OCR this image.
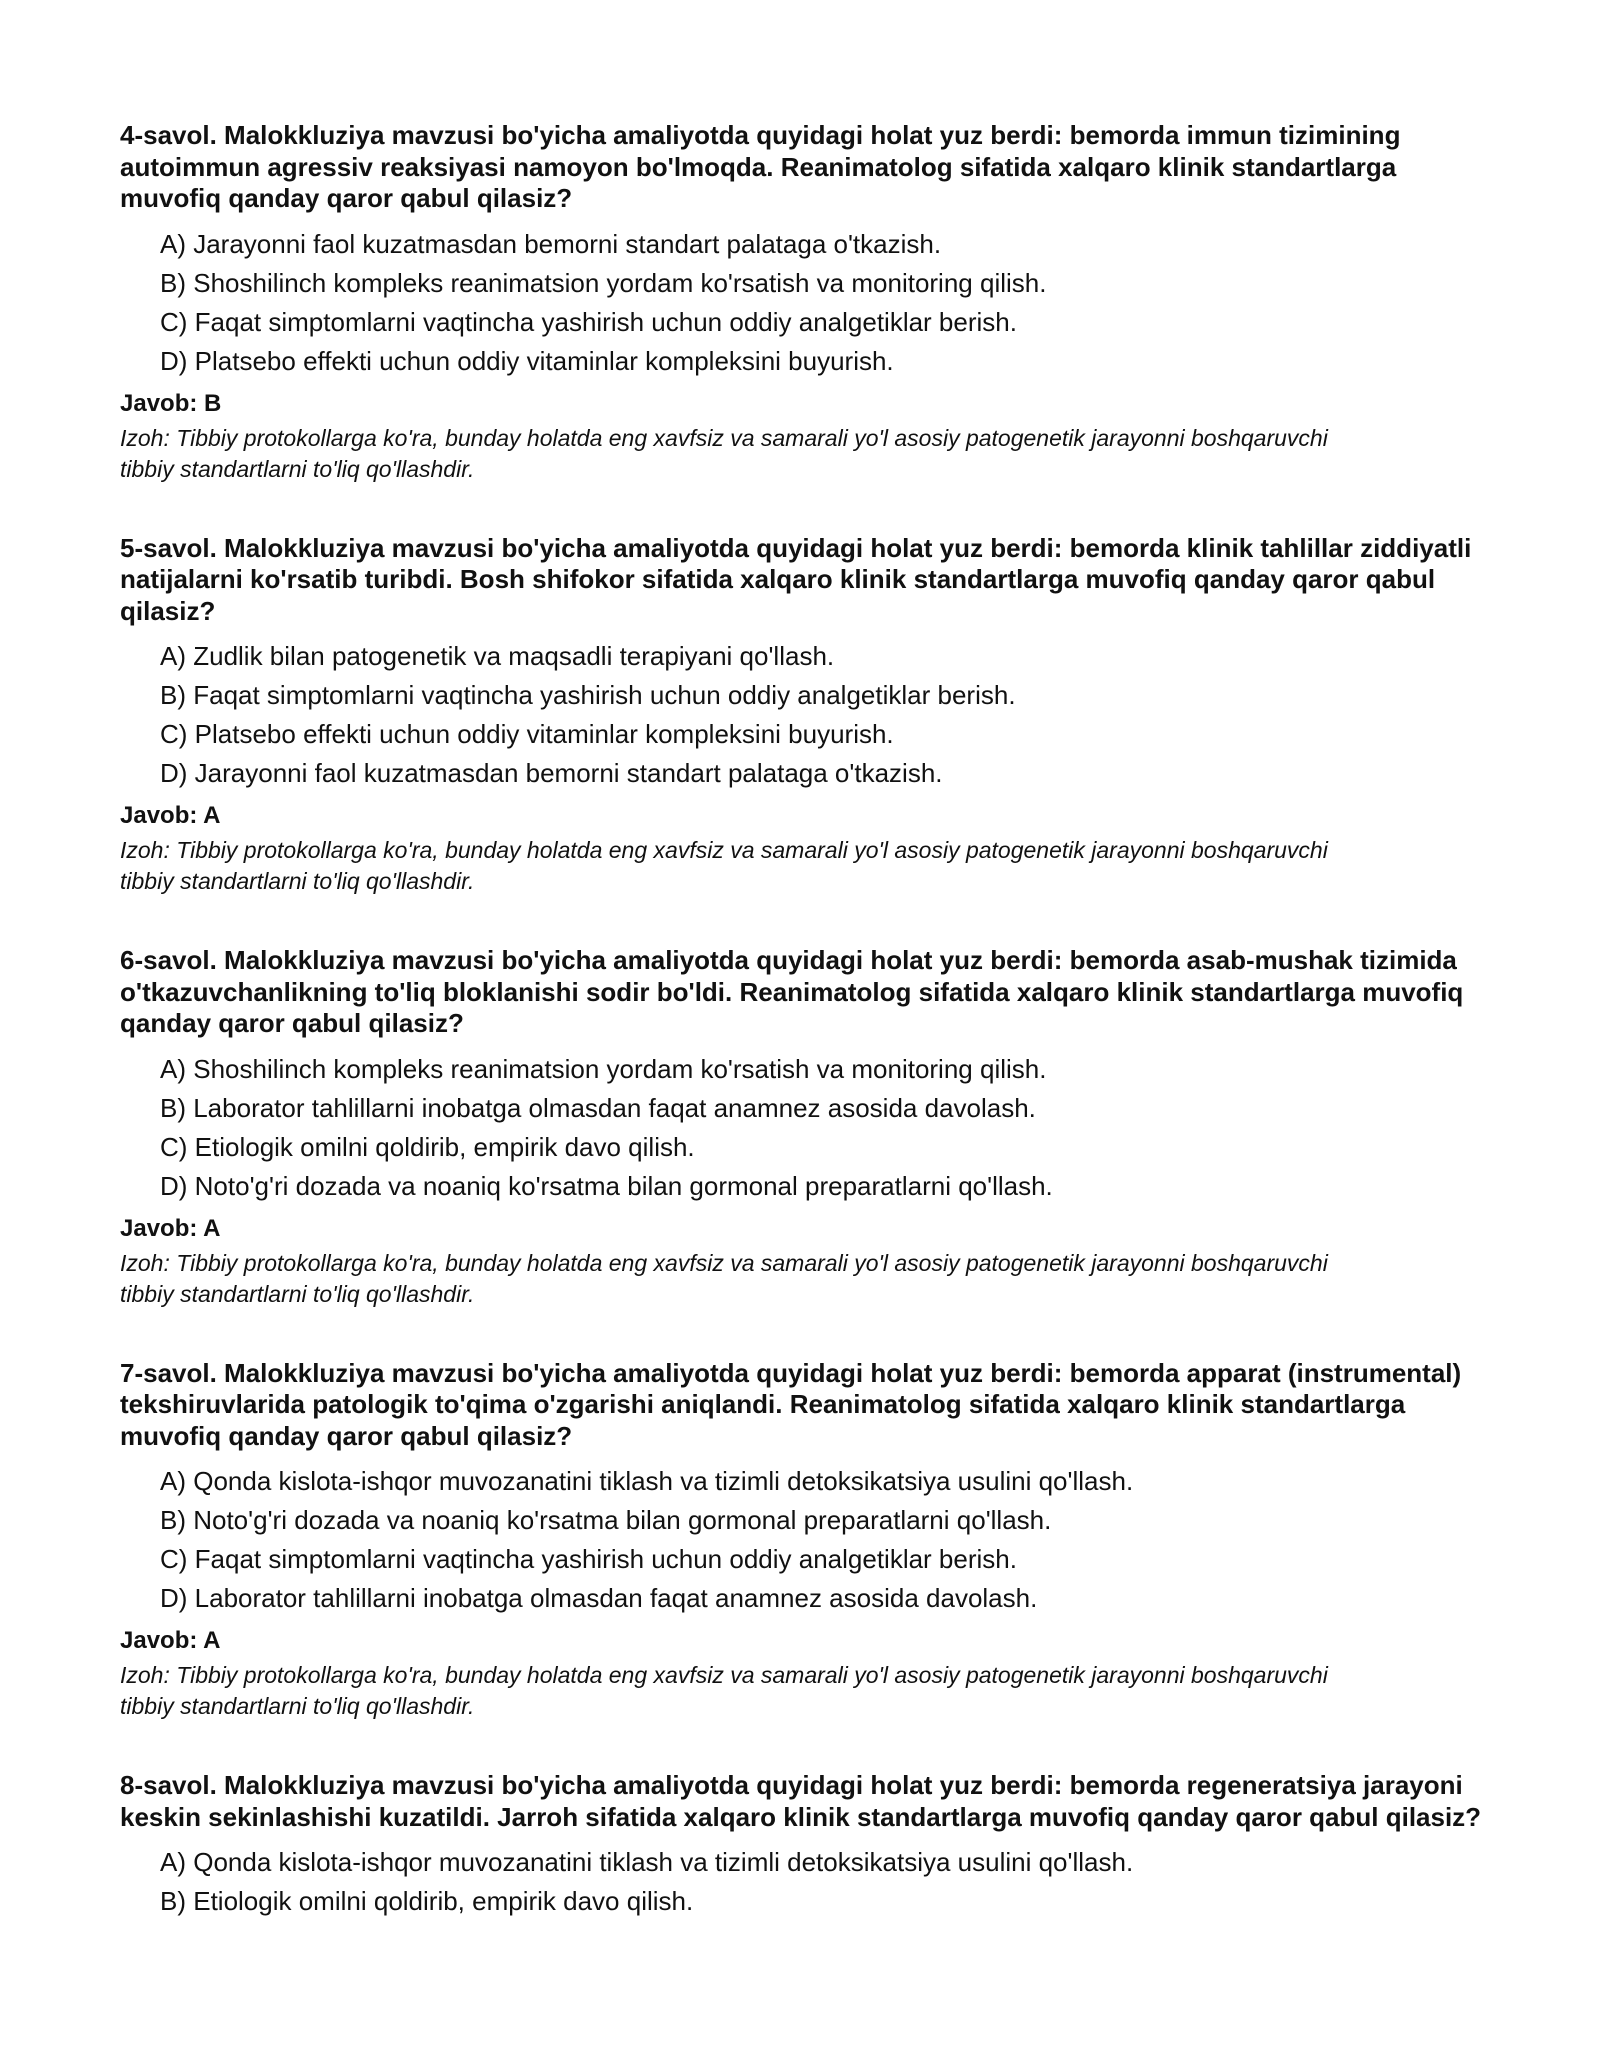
4-savol. Malokkluziya mavzusi bo'yicha amaliyotda quyidagi holat yuz berdi: bemorda immun tizimining autoimmun agressiv reaksiyasi namoyon bo'lmoqda. Reanimatolog sifatida xalqaro klinik standartlarga muvofiq qanday qaror qabul qilasiz?

A) Jarayonni faol kuzatmasdan bemorni standart palataga o'tkazish.
B) Shoshilinch kompleks reanimatsion yordam ko'rsatish va monitoring qilish.
C) Faqat simptomlarni vaqtincha yashirish uchun oddiy analgetiklar berish.
D) Platsebo effekti uchun oddiy vitaminlar kompleksini buyurish.

Javob: B

Izoh: Tibbiy protokollarga ko'ra, bunday holatda eng xavfsiz va samarali yo'l asosiy patogenetik jarayonni boshqaruvchi tibbiy standartlarni to'liq qo'llashdir.

5-savol. Malokkluziya mavzusi bo'yicha amaliyotda quyidagi holat yuz berdi: bemorda klinik tahlillar ziddiyatli natijalarni ko'rsatib turibdi. Bosh shifokor sifatida xalqaro klinik standartlarga muvofiq qanday qaror qabul qilasiz?

A) Zudlik bilan patogenetik va maqsadli terapiyani qo'llash.
B) Faqat simptomlarni vaqtincha yashirish uchun oddiy analgetiklar berish.
C) Platsebo effekti uchun oddiy vitaminlar kompleksini buyurish.
D) Jarayonni faol kuzatmasdan bemorni standart palataga o'tkazish.

Javob: A

Izoh: Tibbiy protokollarga ko'ra, bunday holatda eng xavfsiz va samarali yo'l asosiy patogenetik jarayonni boshqaruvchi tibbiy standartlarni to'liq qo'llashdir.

6-savol. Malokkluziya mavzusi bo'yicha amaliyotda quyidagi holat yuz berdi: bemorda asab-mushak tizimida o'tkazuvchanlikning to'liq bloklanishi sodir bo'ldi. Reanimatolog sifatida xalqaro klinik standartlarga muvofiq qanday qaror qabul qilasiz?

A) Shoshilinch kompleks reanimatsion yordam ko'rsatish va monitoring qilish.
B) Laborator tahlillarni inobatga olmasdan faqat anamnez asosida davolash.
C) Etiologik omilni qoldirib, empirik davo qilish.
D) Noto'g'ri dozada va noaniq ko'rsatma bilan gormonal preparatlarni qo'llash.

Javob: A

Izoh: Tibbiy protokollarga ko'ra, bunday holatda eng xavfsiz va samarali yo'l asosiy patogenetik jarayonni boshqaruvchi tibbiy standartlarni to'liq qo'llashdir.

7-savol. Malokkluziya mavzusi bo'yicha amaliyotda quyidagi holat yuz berdi: bemorda apparat (instrumental) tekshiruvlarida patologik to'qima o'zgarishi aniqlandi. Reanimatolog sifatida xalqaro klinik standartlarga muvofiq qanday qaror qabul qilasiz?

A) Qonda kislota-ishqor muvozanatini tiklash va tizimli detoksikatsiya usulini qo'llash.
B) Noto'g'ri dozada va noaniq ko'rsatma bilan gormonal preparatlarni qo'llash.
C) Faqat simptomlarni vaqtincha yashirish uchun oddiy analgetiklar berish.
D) Laborator tahlillarni inobatga olmasdan faqat anamnez asosida davolash.

Javob: A

Izoh: Tibbiy protokollarga ko'ra, bunday holatda eng xavfsiz va samarali yo'l asosiy patogenetik jarayonni boshqaruvchi tibbiy standartlarni to'liq qo'llashdir.

8-savol. Malokkluziya mavzusi bo'yicha amaliyotda quyidagi holat yuz berdi: bemorda regeneratsiya jarayoni keskin sekinlashishi kuzatildi. Jarroh sifatida xalqaro klinik standartlarga muvofiq qanday qaror qabul qilasiz?

A) Qonda kislota-ishqor muvozanatini tiklash va tizimli detoksikatsiya usulini qo'llash.
B) Etiologik omilni qoldirib, empirik davo qilish.
